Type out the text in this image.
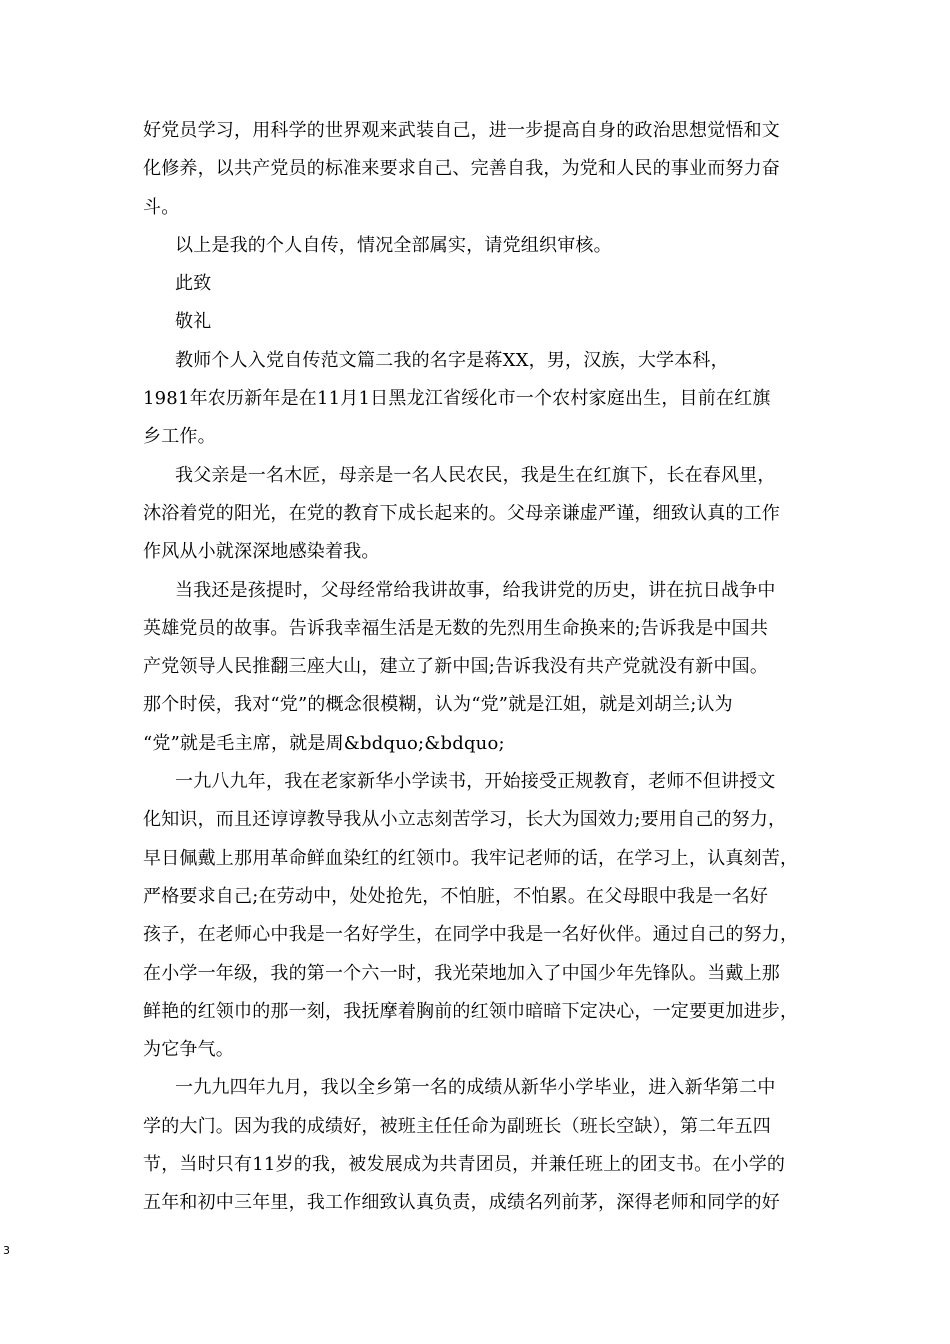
好党员学习，用科学的世界观来武装自己，进一步提高自身的政治思想觉悟和文
化修养，以共产党员的标准来要求自己、完善自我，为党和人民的事业而努力奋
斗。
以上是我的个人自传，情况全部属实，请党组织审核。
此致
敬礼
教师个人入党自传范文篇二我的名字是蒋XX，男，汉族，大学本科，
1981年农历新年是在11月1日黑龙江省绥化市一个农村家庭出生，目前在红旗
乡工作。
我父亲是一名木匠，母亲是一名人民农民，我是生在红旗下，长在春风里，
沐浴着党的阳光，在党的教育下成长起来的。父母亲谦虚严谨，细致认真的工作
作风从小就深深地感染着我。
当我还是孩提时，父母经常给我讲故事，给我讲党的历史，讲在抗日战争中
英雄党员的故事。告诉我幸福生活是无数的先烈用生命换来的;告诉我是中国共
产党领导人民推翻三座大山，建立了新中国;告诉我没有共产党就没有新中国。
那个时侯，我对“党”的概念很模糊，认为“党”就是江姐，就是刘胡兰;认为
“党”就是毛主席，就是周&bdquo;&bdquo;
一九八九年，我在老家新华小学读书，开始接受正规教育，老师不但讲授文
化知识，而且还谆谆教导我从小立志刻苦学习，长大为国效力;要用自己的努力，
早日佩戴上那用革命鲜血染红的红领巾。我牢记老师的话，在学习上，认真刻苦，
严格要求自己;在劳动中，处处抢先，不怕脏，不怕累。在父母眼中我是一名好
孩子，在老师心中我是一名好学生，在同学中我是一名好伙伴。通过自己的努力，
在小学一年级，我的第一个六一时，我光荣地加入了中国少年先锋队。当戴上那
鲜艳的红领巾的那一刻，我抚摩着胸前的红领巾暗暗下定决心，一定要更加进步，
为它争气。
一九九四年九月，我以全乡第一名的成绩从新华小学毕业，进入新华第二中
学的大门。因为我的成绩好，被班主任任命为副班长（班长空缺），第二年五四
节，当时只有11岁的我，被发展成为共青团员，并兼任班上的团支书。在小学的
五年和初中三年里，我工作细致认真负责，成绩名列前茅，深得老师和同学的好
3
